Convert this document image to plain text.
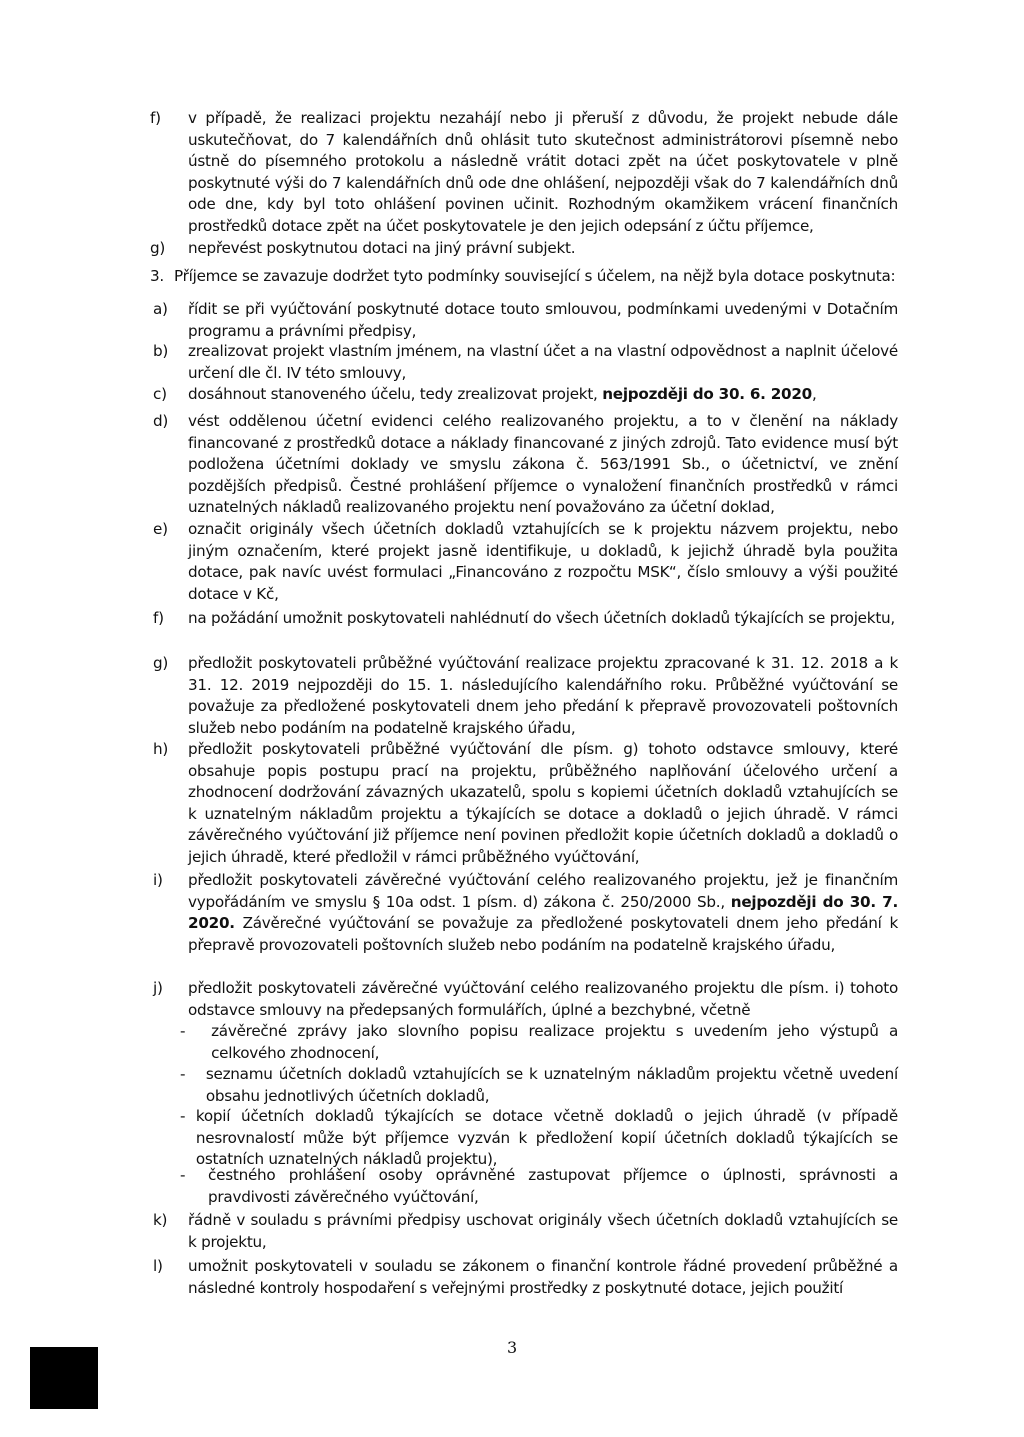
f)	v případě, že realizaci projektu nezahájí nebo ji přeruší z důvodu, že projekt nebude dále uskutečňovat, do 7 kalendářních dnů ohlásit tuto skutečnost administrátorovi písemně nebo ústně do písemného protokolu a následně vrátit dotaci zpět na účet poskytovatele v plně poskytnuté výši do 7 kalendářních dnů ode dne ohlášení, nejpozději však do 7 kalendářních dnů ode dne, kdy byl toto ohlášení povinen učinit. Rozhodným okamžikem vrácení finančních prostředků dotace zpět na účet poskytovatele je den jejich odepsání z účtu příjemce,
g)	nepřevést poskytnutou dotaci na jiný právní subjekt.
3. Příjemce se zavazuje dodržet tyto podmínky související s účelem, na nějž byla dotace poskytnuta:
a)	řídit se při vyúčtování poskytnuté dotace touto smlouvou, podmínkami uvedenými v Dotačním programu a právními předpisy,
b)	zrealizovat projekt vlastním jménem, na vlastní účet a na vlastní odpovědnost a naplnit účelové určení dle čl. IV této smlouvy,
c)	dosáhnout stanoveného účelu, tedy zrealizovat projekt, nejpozději do 30. 6. 2020,
d)	vést oddělenou účetní evidenci celého realizovaného projektu, a to v členění na náklady financované z prostředků dotace a náklady financované z jiných zdrojů. Tato evidence musí být podložena účetními doklady ve smyslu zákona č. 563/1991 Sb., o účetnictví, ve znění pozdějších předpisů. Čestné prohlášení příjemce o vynaložení finančních prostředků v rámci uznatelných nákladů realizovaného projektu není považováno za účetní doklad,
e)	označit originály všech účetních dokladů vztahujících se k projektu názvem projektu, nebo jiným označením, které projekt jasně identifikuje, u dokladů, k jejichž úhradě byla použita dotace, pak navíc uvést formulaci „Financováno z rozpočtu MSK“, číslo smlouvy a výši použité dotace v Kč,
f)	na požádání umožnit poskytovateli nahlédnutí do všech účetních dokladů týkajících se projektu,
g)	předložit poskytovateli průběžné vyúčtování realizace projektu zpracované k 31. 12. 2018 a k 31. 12. 2019 nejpozději do 15. 1. následujícího kalendářního roku. Průběžné vyúčtování se považuje za předložené poskytovateli dnem jeho předání k přepravě provozovateli poštovních služeb nebo podáním na podatelně krajského úřadu,
h)	předložit poskytovateli průběžné vyúčtování dle písm. g) tohoto odstavce smlouvy, které obsahuje popis postupu prací na projektu, průběžného naplňování účelového určení a zhodnocení dodržování závazných ukazatelů, spolu s kopiemi účetních dokladů vztahujících se k uznatelným nákladům projektu a týkajících se dotace a dokladů o jejich úhradě. V rámci závěrečného vyúčtování již příjemce není povinen předložit kopie účetních dokladů a dokladů o jejich úhradě, které předložil v rámci průběžného vyúčtování,
i)	předložit poskytovateli závěrečné vyúčtování celého realizovaného projektu, jež je finančním vypořádáním ve smyslu § 10a odst. 1 písm. d) zákona č. 250/2000 Sb., nejpozději do 30. 7. 2020. Závěrečné vyúčtování se považuje za předložené poskytovateli dnem jeho předání k přepravě provozovateli poštovních služeb nebo podáním na podatelně krajského úřadu,
j)	předložit poskytovateli závěrečné vyúčtování celého realizovaného projektu dle písm. i) tohoto odstavce smlouvy na předepsaných formulářích, úplné a bezchybné, včetně
-	závěrečné zprávy jako slovního popisu realizace projektu s uvedením jeho výstupů a celkového zhodnocení,
-	seznamu účetních dokladů vztahujících se k uznatelným nákladům projektu včetně uvedení obsahu jednotlivých účetních dokladů,
- kopií účetních dokladů týkajících se dotace včetně dokladů o jejich úhradě (v případě nesrovnalostí může být příjemce vyzván k předložení kopií účetních dokladů týkajících se ostatních uznatelných nákladů projektu),
-	čestného prohlášení osoby oprávněné zastupovat příjemce o úplnosti, správnosti a pravdivosti závěrečného vyúčtování,
k)	řádně v souladu s právními předpisy uschovat originály všech účetních dokladů vztahujících se k projektu,
l)	umožnit poskytovateli v souladu se zákonem o finanční kontrole řádné provedení průběžné a následné kontroly hospodaření s veřejnými prostředky z poskytnuté dotace, jejich použití
3
